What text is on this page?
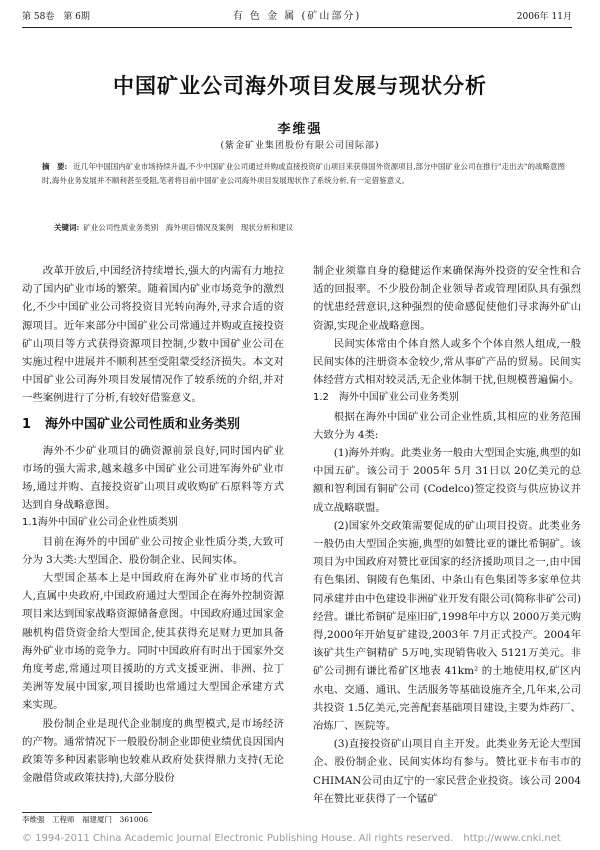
第 58卷　第 6期	有 色 金 属 (矿山部分)	2006年 11月
中国矿业公司海外项目发展与现状分析
李维强
(紫金矿业集团股份有限公司国际部)
摘　要: 近几年中国国内矿业市场持续升温,不少中国矿业公司通过并购或直接投资矿山项目来获得国外资源项目,部分中国矿业公司在推行"走出去"的战略意图时,海外业务发展并不顺利甚至受阻,笔者将目前中国矿业公司海外项目发展现状作了系统分析,有一定借鉴意义。
关键词: 矿业公司性质业务类别　海外项目情况及案例　现状分析和建议

改革开放后,中国经济持续增长,强大的内需有力地拉动了国内矿业市场的繁荣。随着国内矿业市场竞争的激烈化,不少中国矿业公司将投资目光转向海外,寻求合适的资源项目。近年来部分中国矿业公司常通过并购或直接投资矿山项目等方式获得资源项目控制,少数中国矿业公司在实施过程中进展并不顺利甚至受阻蒙受经济损失。本文对中国矿业公司海外项目发展情况作了较系统的介绍,并对一些案例进行了分析,有较好借鉴意义。

1 海外中国矿业公司性质和业务类别

海外不少矿业项目的确资源前景良好,同时国内矿业市场的强大需求,越来越多中国矿业公司进军海外矿业市场,通过并购、直接投资矿山项目或收购矿石原料等方式达到自身战略意图。

1.1海外中国矿业公司企业性质类别

目前在海外的中国矿业公司按企业性质分类,大致可分为 3大类:大型国企、股份制企业、民间实体。

大型国企基本上是中国政府在海外矿业市场的代言人,直属中央政府,中国政府通过大型国企在海外控制资源项目来达到国家战略资源储备意图。中国政府通过国家金融机构借贷资金给大型国企,使其获得充足财力更加具备海外矿业市场的竞争力。同时中国政府有时出于国家外交角度考虑,常通过项目援助的方式支援亚洲、非洲、拉丁美洲等发展中国家,项目援助也常通过大型国企承建方式来实现。

股份制企业是现代企业制度的典型模式,是市场经济的产物。通常情况下一般股份制企业即使业绩优良因国内政策等多种因素影响也较难从政府处获得鼎力支持(无论金融借贷或政策扶持),大部分股份

制企业须靠自身的稳健运作来确保海外投资的安全性和合适的回报率。不少股份制企业领导者或管理团队具有强烈的忧患经营意识,这种强烈的使命感促使他们寻求海外矿山资源,实现企业战略意图。

民间实体常由个体自然人或多个个体自然人组成,一般民间实体的注册资本金较少,常从事矿产品的贸易。民间实体经营方式相对较灵活,无企业体制干扰,但规模普遍偏小。

1.2　海外中国矿业公司业务类别

根据在海外中国矿业公司企业性质,其相应的业务范围大致分为 4类:

(1)海外并购。此类业务一般由大型国企实施,典型的如中国五矿。该公司于 2005年 5月 31日以 20亿美元的总额和智利国有铜矿公司 (Codelco)签定投资与供应协议并成立战略联盟。

(2)国家外交政策需要促成的矿山项目投资。此类业务一般仍由大型国企实施,典型的如赞比亚的谦比希铜矿。该项目为中国政府对赞比亚国家的经济援助项目之一,由中国有色集团、铜陵有色集团、中条山有色集团等多家单位共同承建并由中色建设非洲矿业开发有限公司(简称非矿公司)经营。谦比希铜矿是座旧矿,1998年中方以 2000万美元购得,2000年开始复矿建设,2003年 7月正式投产。2004年该矿共生产铜精矿 5万吨,实现销售收入 5121万美元。非矿公司拥有谦比希矿区地表 41km² 的土地使用权,矿区内水电、交通、通讯、生活服务等基础设施齐全,几年来,公司共投资 1.5亿美元,完善配套基础项目建设,主要为炸药厂、冶炼厂、医院等。

(3)直接投资矿山项目自主开发。此类业务无论大型国企、股份制企业、民间实体均有参与。赞比亚卡布韦市的 CHIMAN公司由辽宁的一家民营企业投资。该公司 2004年在赞比亚获得了一个锰矿

李维强　工程师　福建厦门　361006
© 1994-2011 China Academic Journal Electronic Publishing House. All rights reserved.　http://www.cnki.net
